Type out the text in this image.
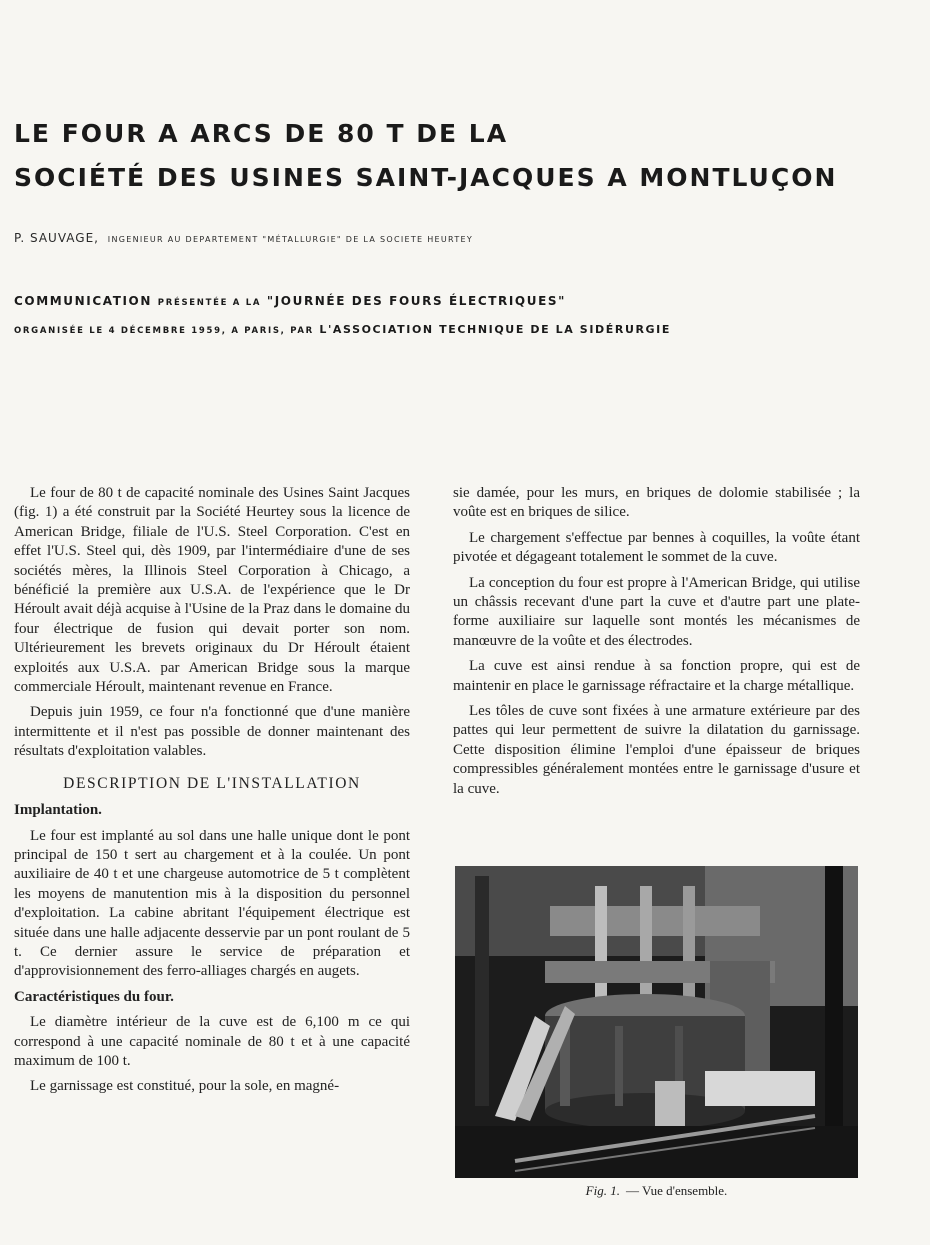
LE FOUR A ARCS DE 80 T DE LA
SOCIÉTÉ DES USINES SAINT-JACQUES A MONTLUÇON
P. SAUVAGE, INGENIEUR AU DEPARTEMENT "MÉTALLURGIE" DE LA SOCIETE HEURTEY
COMMUNICATION PRÉSENTÉE A LA "JOURNÉE DES FOURS ÉLECTRIQUES"
ORGANISÉE LE 4 DÉCEMBRE 1959, A PARIS, PAR L'ASSOCIATION TECHNIQUE DE LA SIDÉRURGIE

Le four de 80 t de capacité nominale des Usines Saint Jacques (fig. 1) a été construit par la Société Heurtey sous la licence de American Bridge, filiale de l'U.S. Steel Corporation. C'est en effet l'U.S. Steel qui, dès 1909, par l'intermédiaire d'une de ses sociétés mères, la Illinois Steel Corporation à Chicago, a bénéficié la première aux U.S.A. de l'expérience que le Dr Héroult avait déjà acquise à l'Usine de la Praz dans le domaine du four électrique de fusion qui devait porter son nom. Ultérieurement les brevets originaux du Dr Héroult étaient exploités aux U.S.A. par American Bridge sous la marque commerciale Héroult, maintenant revenue en France.

Depuis juin 1959, ce four n'a fonctionné que d'une manière intermittente et il n'est pas possible de donner maintenant des résultats d'exploitation valables.

DESCRIPTION DE L'INSTALLATION
Implantation.

Le four est implanté au sol dans une halle unique dont le pont principal de 150 t sert au chargement et à la coulée. Un pont auxiliaire de 40 t et une chargeuse automotrice de 5 t complètent les moyens de manutention mis à la disposition du personnel d'exploitation. La cabine abritant l'équipement électrique est située dans une halle adjacente desservie par un pont roulant de 5 t. Ce dernier assure le service de préparation et d'approvisionnement des ferro-alliages chargés en augets.

Caractéristiques du four.

Le diamètre intérieur de la cuve est de 6,100 m ce qui correspond à une capacité nominale de 80 t et à une capacité maximum de 100 t.

Le garnissage est constitué, pour la sole, en magné-

sie damée, pour les murs, en briques de dolomie stabilisée ; la voûte est en briques de silice.

Le chargement s'effectue par bennes à coquilles, la voûte étant pivotée et dégageant totalement le sommet de la cuve.

La conception du four est propre à l'American Bridge, qui utilise un châssis recevant d'une part la cuve et d'autre part une plate-forme auxiliaire sur laquelle sont montés les mécanismes de manœuvre de la voûte et des électrodes.

La cuve est ainsi rendue à sa fonction propre, qui est de maintenir en place le garnissage réfractaire et la charge métallique.

Les tôles de cuve sont fixées à une armature extérieure par des pattes qui leur permettent de suivre la dilatation du garnissage. Cette disposition élimine l'emploi d'une épaisseur de briques compressibles généralement montées entre le garnissage d'usure et la cuve.

Fig. 1. — Vue d'ensemble.
